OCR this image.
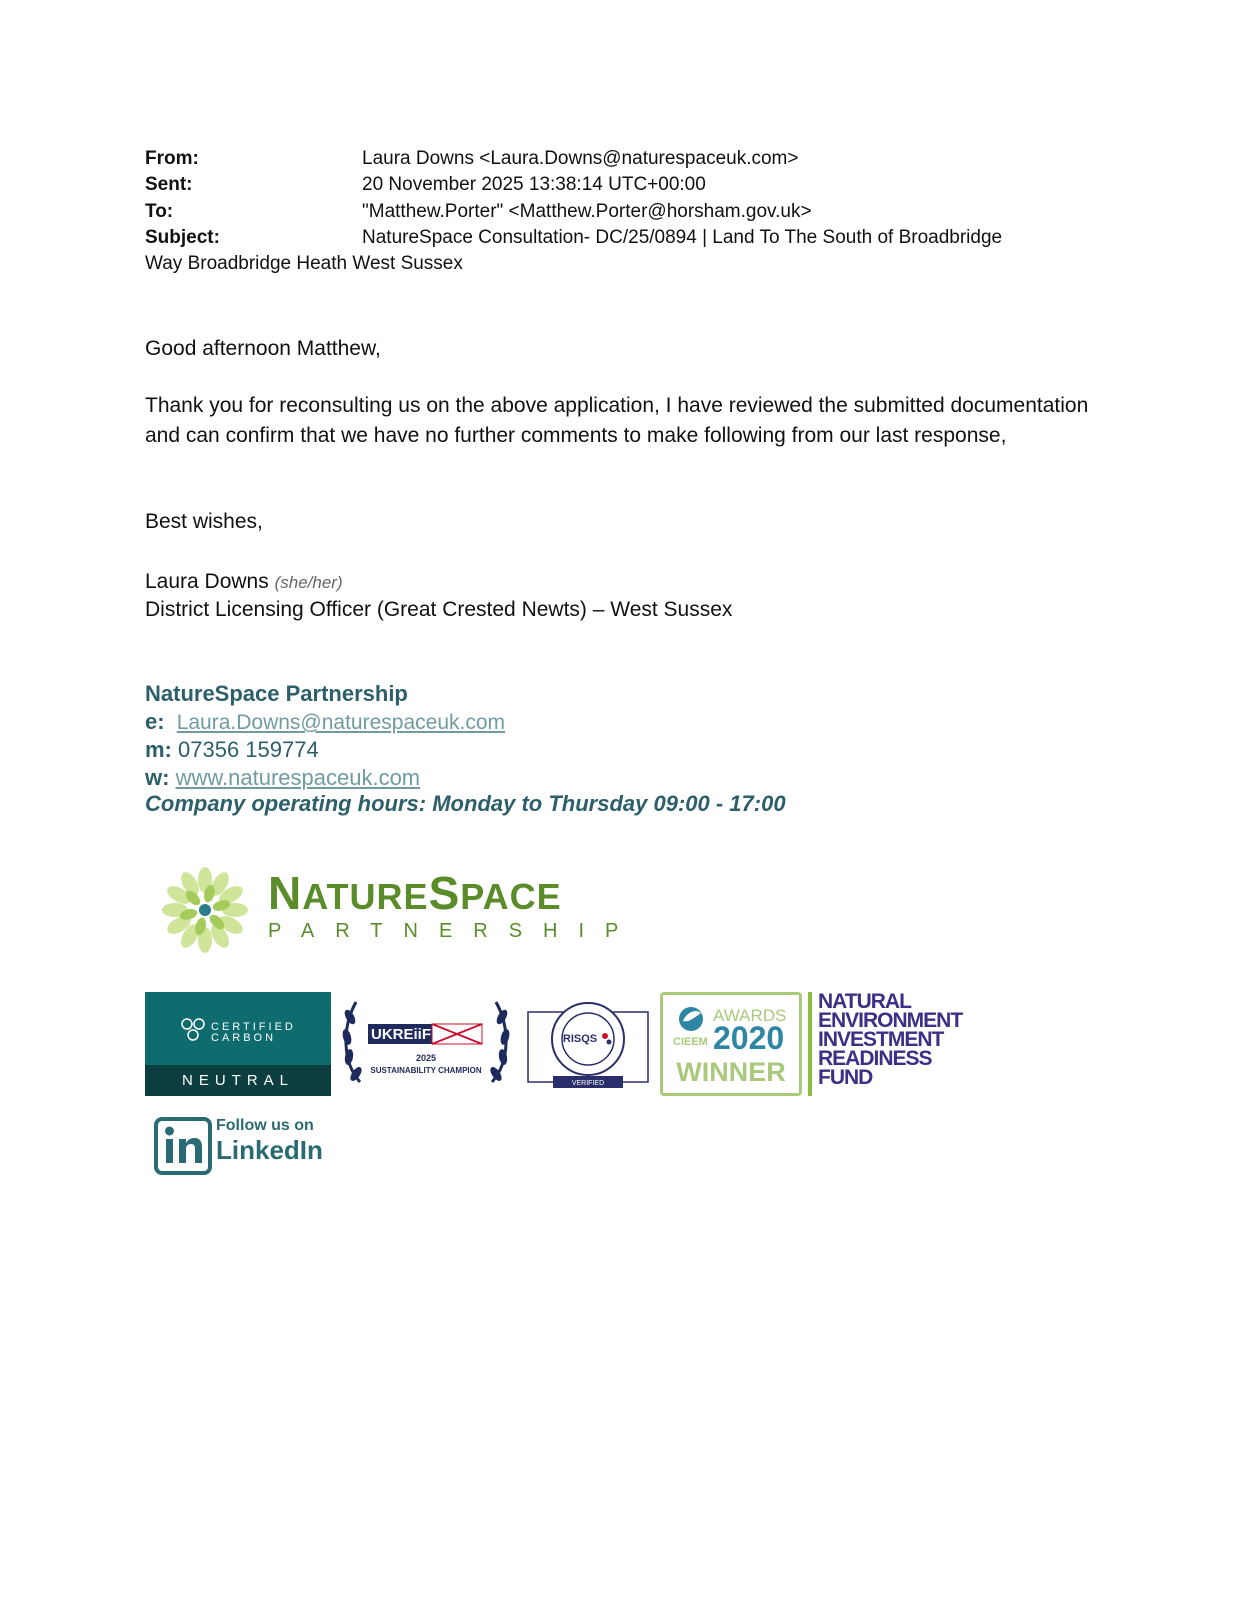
From:	Laura Downs <Laura.Downs@naturespaceuk.com>
Sent:	20 November 2025 13:38:14 UTC+00:00
To:	"Matthew.Porter" <Matthew.Porter@horsham.gov.uk>
Subject:	NatureSpace Consultation- DC/25/0894 | Land To The South of Broadbridge
Way Broadbridge Heath West Sussex
Good afternoon Matthew,
Thank you for reconsulting us on the above application, I have reviewed the submitted documentation and can confirm that we have no further comments to make following from our last response,
Best wishes,
Laura Downs (she/her)
District Licensing Officer (Great Crested Newts) – West Sussex
NatureSpace Partnership
e: Laura.Downs@naturespaceuk.com
m: 07356 159774
w: www.naturespaceuk.com
Company operating hours: Monday to Thursday 09:00 - 17:00
NATURESPACE
PARTNERSHIP
CERTIFIED
CARBON
NEUTRAL
UKREiiF
2025
SUSTAINABILITY CHAMPION
RISQS
VERIFIED
AWARDS
CIEEM 2020
WINNER
NATURAL
ENVIRONMENT
INVESTMENT
READINESS
FUND
Follow us on
LinkedIn
